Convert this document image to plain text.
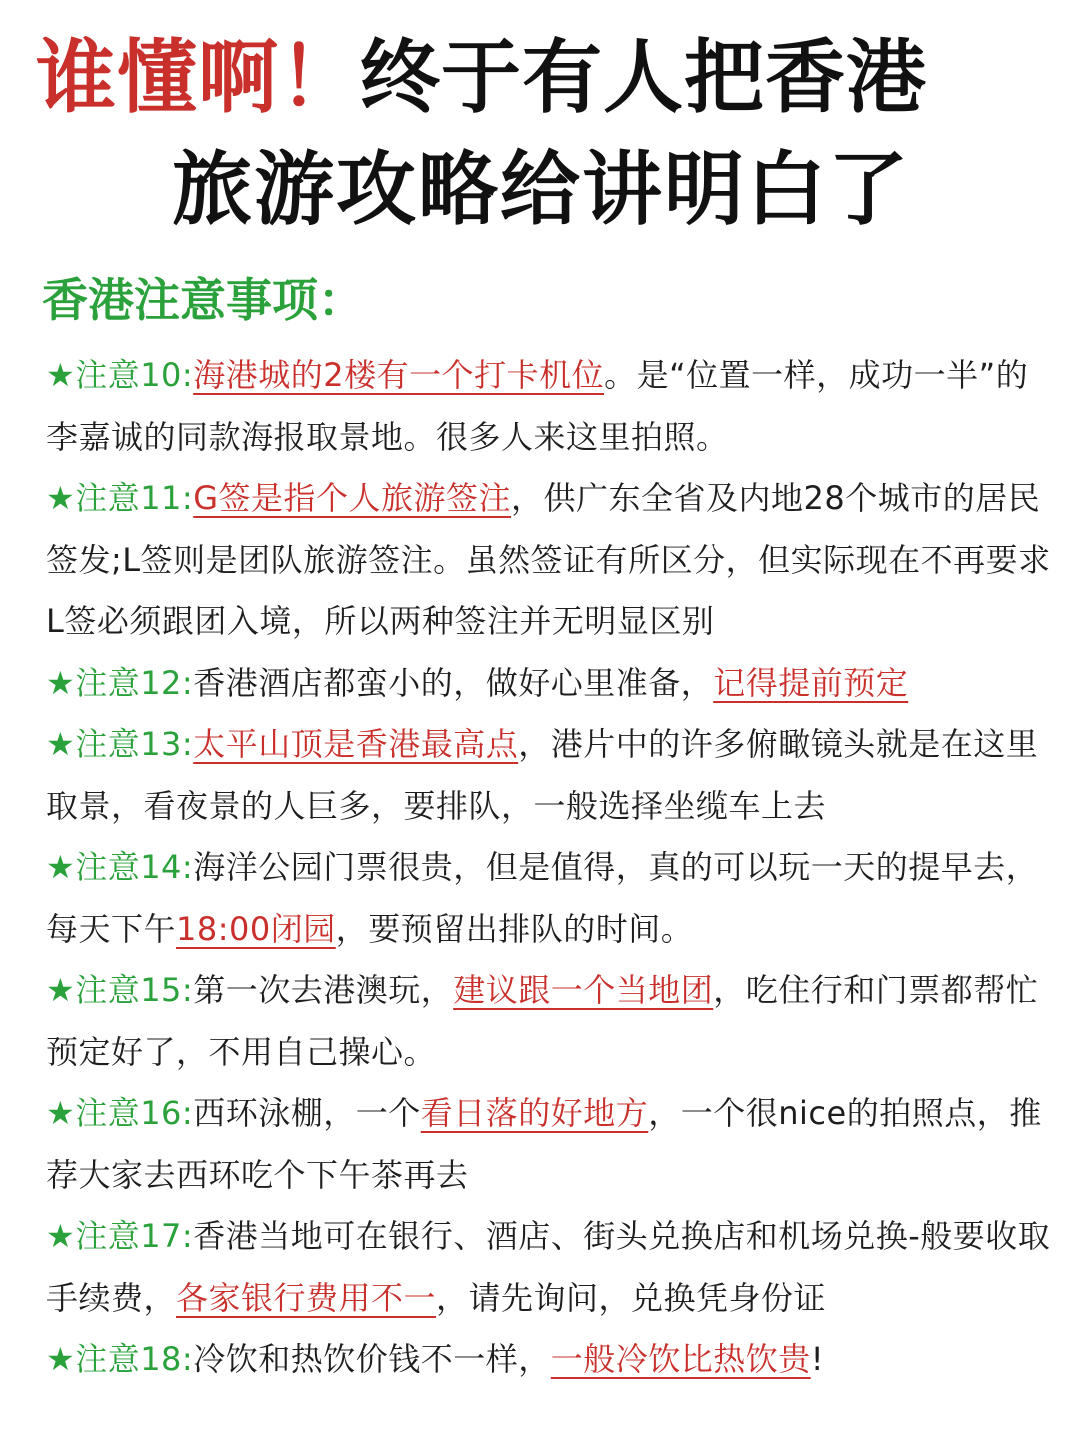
谁懂啊！终于有人把香港
旅游攻略给讲明白了
香港注意事项：
★注意10:海港城的2楼有一个打卡机位。是“位置一样，成功一半”的李嘉诚的同款海报取景地。很多人来这里拍照。
★注意11:G签是指个人旅游签注，供广东全省及内地28个城市的居民签发;L签则是团队旅游签注。虽然签证有所区分，但实际现在不再要求L签必须跟团入境，所以两种签注并无明显区别
★注意12:香港酒店都蛮小的，做好心里准备，记得提前预定
★注意13:太平山顶是香港最高点，港片中的许多俯瞰镜头就是在这里取景，看夜景的人巨多，要排队，一般选择坐缆车上去
★注意14:海洋公园门票很贵，但是值得，真的可以玩一天的提早去，每天下午18:00闭园，要预留出排队的时间。
★注意15:第一次去港澳玩，建议跟一个当地团，吃住行和门票都帮忙预定好了，不用自己操心。
★注意16:西环泳棚，一个看日落的好地方，一个很nice的拍照点，推荐大家去西环吃个下午茶再去
★注意17:香港当地可在银行、酒店、街头兑换店和机场兑换-般要收取手续费，各家银行费用不一，请先询问，兑换凭身份证
★注意18:冷饮和热饮价钱不一样，一般冷饮比热饮贵!
